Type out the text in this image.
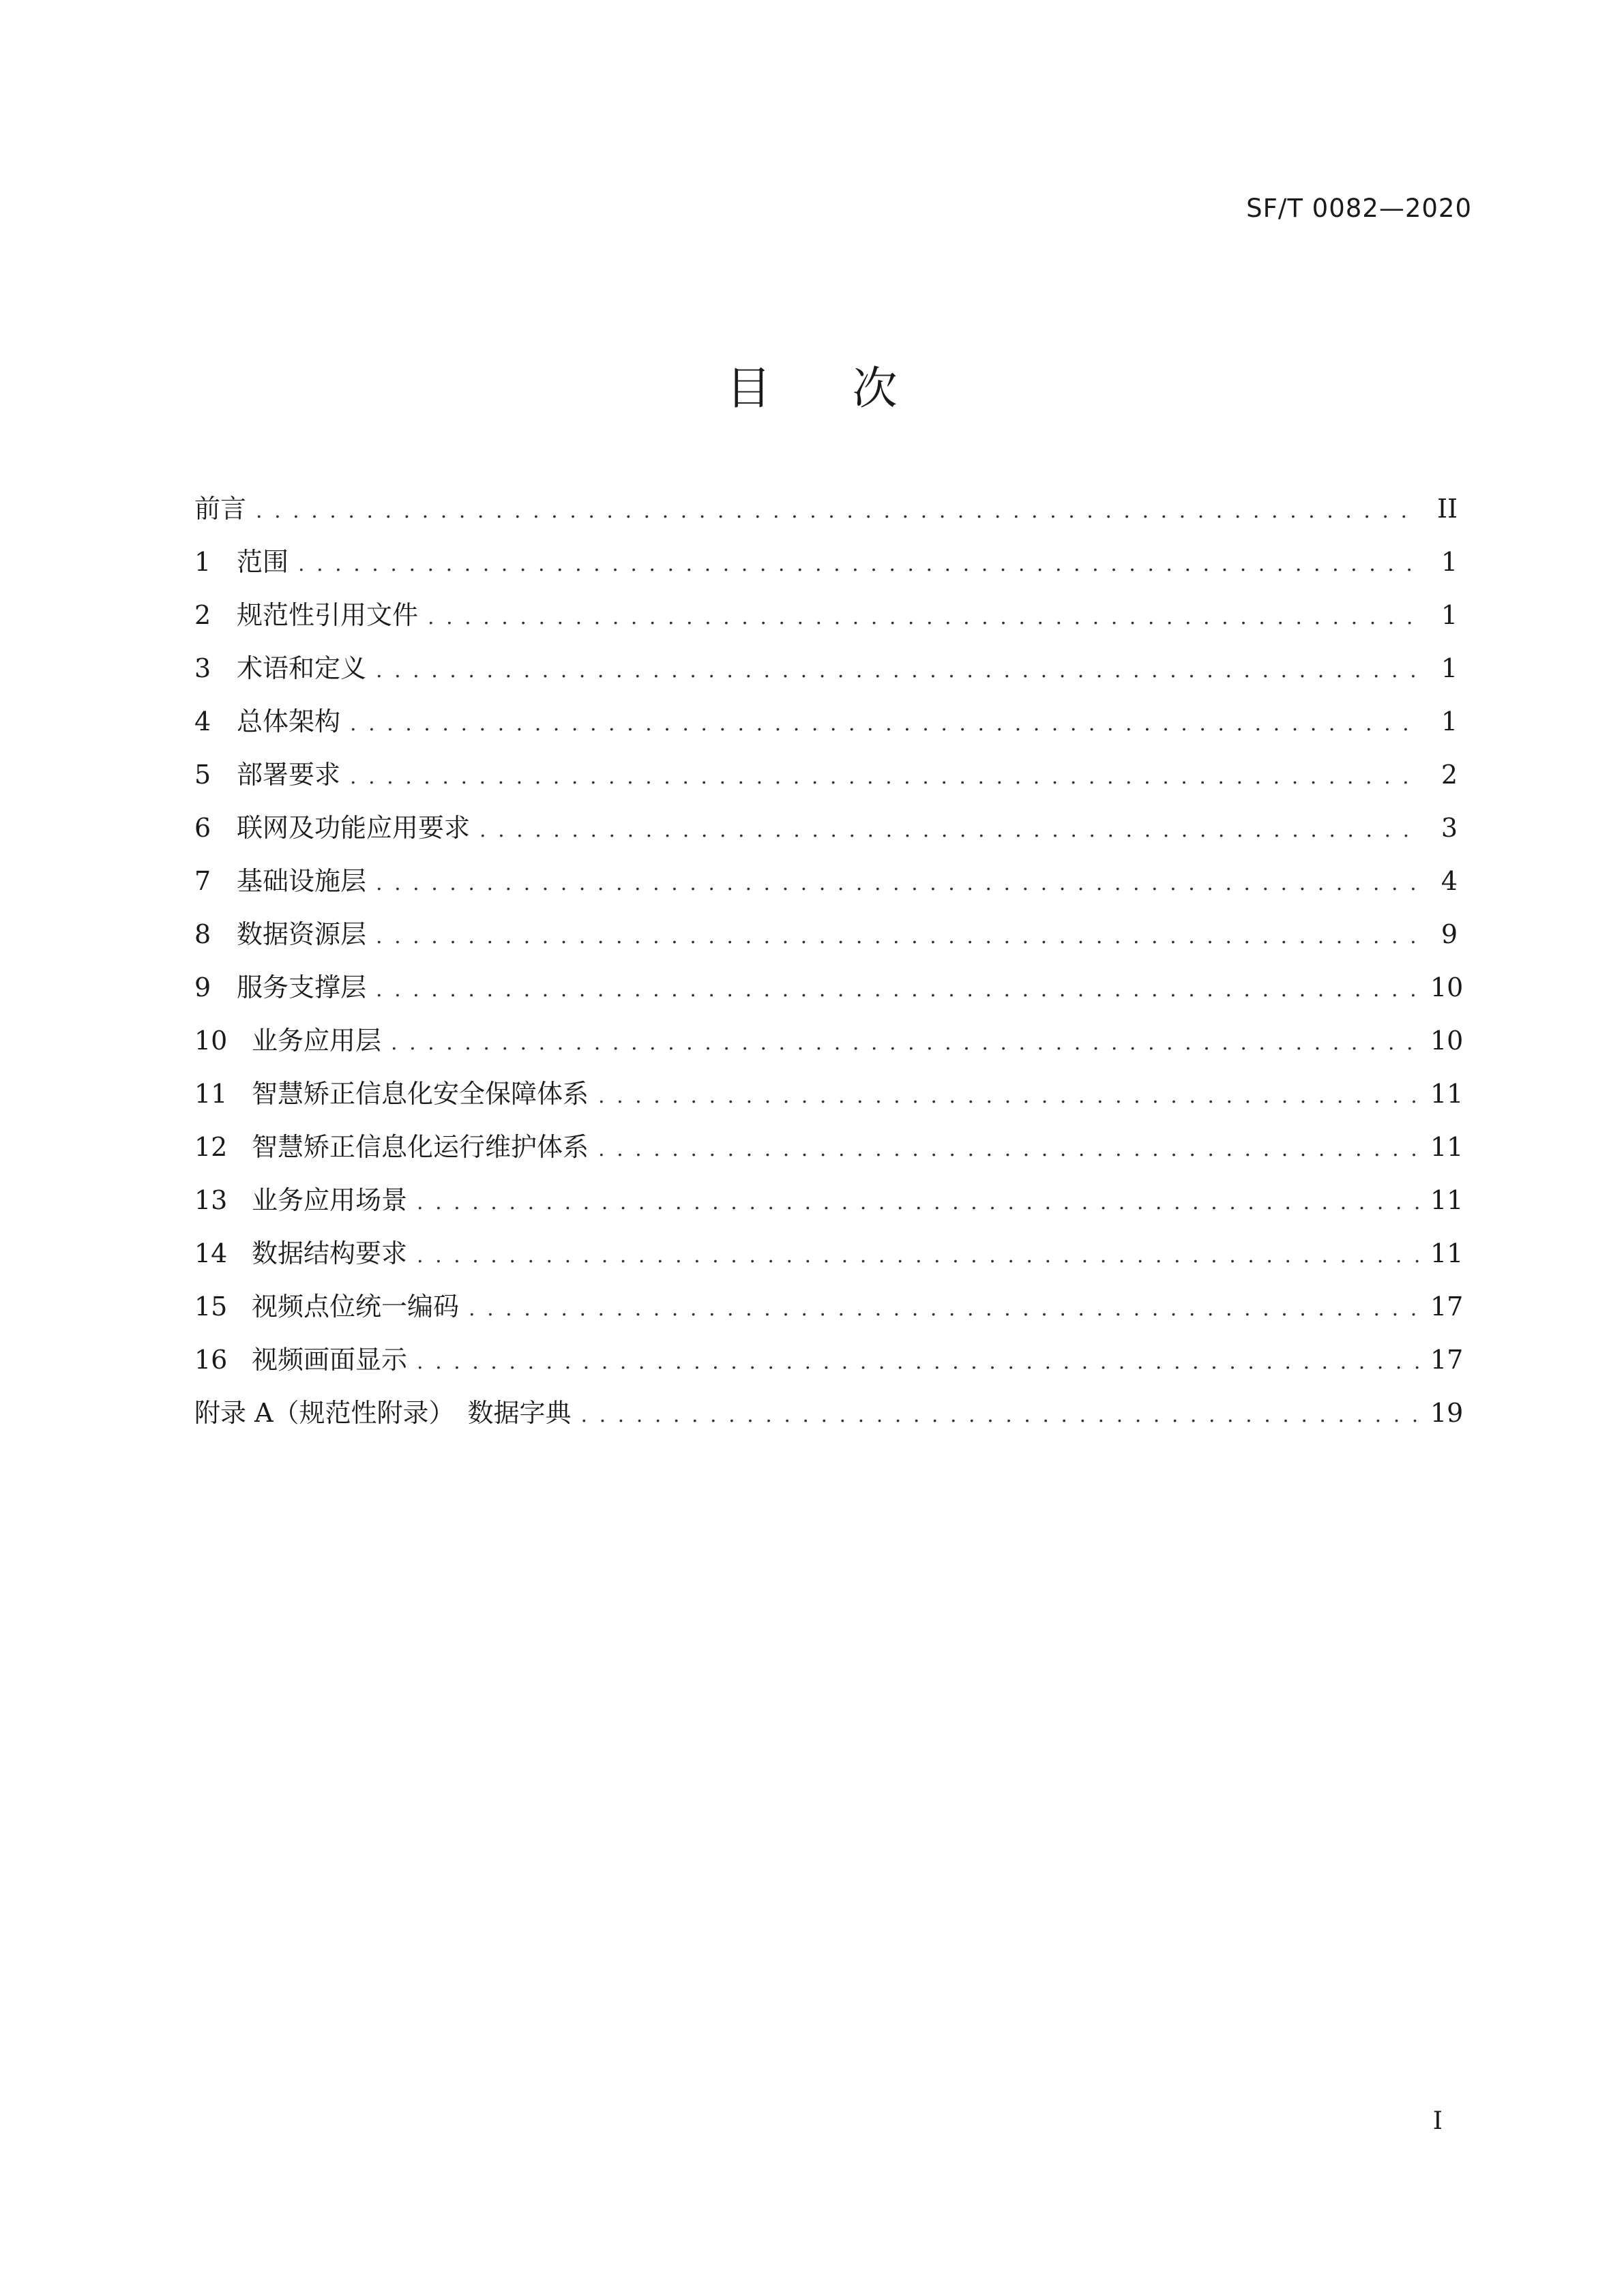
SF/T 0082—2020
目 次
前言 . . .	II
1 范围 . . .	1
2 规范性引用文件 . . .	1
3 术语和定义 . . .	1
4 总体架构 . . .	1
5 部署要求 . . .	2
6 联网及功能应用要求 . . .	3
7 基础设施层 . . .	4
8 数据资源层 . . .	9
9 服务支撑层 . . .	10
10 业务应用层 . . .	10
11 智慧矫正信息化安全保障体系 . . .	11
12 智慧矫正信息化运行维护体系 . . .	11
13 业务应用场景 . . .	11
14 数据结构要求 . . .	11
15 视频点位统一编码 . . .	17
16 视频画面显示 . . .	17
附录 A（规范性附录）　数据字典 . . .	19
I
